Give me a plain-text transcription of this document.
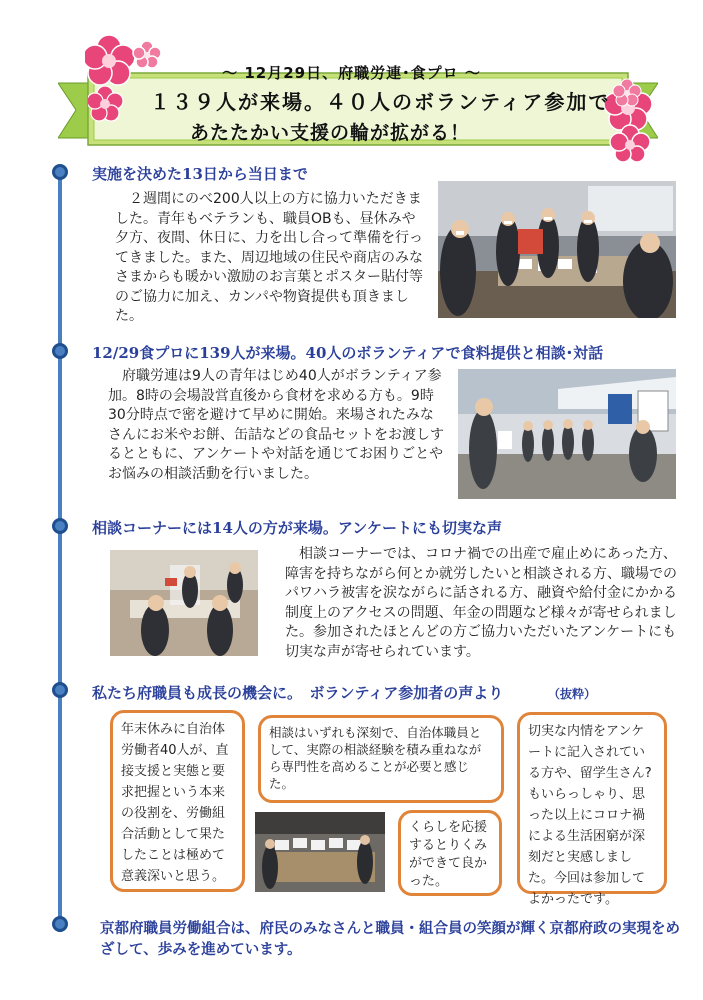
～ 12月29日、府職労連･食プロ ～
１３９人が来場。４０人のボランティア参加で
あたたかい支援の輪が拡がる！
実施を決めた13日から当日まで
　２週間にのべ200人以上の方に協力いただきました。青年もベテランも、職員OBも、昼休みや夕方、夜間、休日に、力を出し合って準備を行ってきました。また、周辺地域の住民や商店のみなさまからも暖かい激励のお言葉とポスター貼付等のご協力に加え、カンパや物資提供も頂きました。
12/29食プロに139人が来場。40人のボランティアで食料提供と相談･対話
　府職労連は9人の青年はじめ40人がボランティア参加。8時の会場設営直後から食材を求める方も。9時30分時点で密を避けて早めに開始。来場されたみなさんにお米やお餅、缶詰などの食品セットをお渡しするとともに、アンケートや対話を通じてお困りごとやお悩みの相談活動を行いました。
相談コーナーには14人の方が来場。アンケートにも切実な声
　相談コーナーでは、コロナ禍での出産で雇止めにあった方、障害を持ちながら何とか就労したいと相談される方、職場でのパワハラ被害を涙ながらに話される方、融資や給付金にかかる制度上のアクセスの問題、年金の問題など様々が寄せられました。参加されたほとんどの方ご協力いただいたアンケートにも切実な声が寄せられています。
私たち府職員も成長の機会に。　ボランティア参加者の声より	（抜粋）
年末休みに自治体労働者40人が、直接支援と実態と要求把握という本来の役割を、労働組合活動として果たしたことは極めて意義深いと思う。
相談はいずれも深刻で、自治体職員として、実際の相談経験を積み重ねながら専門性を高めることが必要と感じた。
くらしを応援するとりくみができて良かった。
切実な内情をアンケートに記入されている方や、留学生さん?もいらっしゃり、思った以上にコロナ禍による生活困窮が深刻だと実感しました。今回は参加してよかったです。
京都府職員労働組合は、府民のみなさんと職員・組合員の笑顔が輝く京都府政の実現をめざして、歩みを進めています。
